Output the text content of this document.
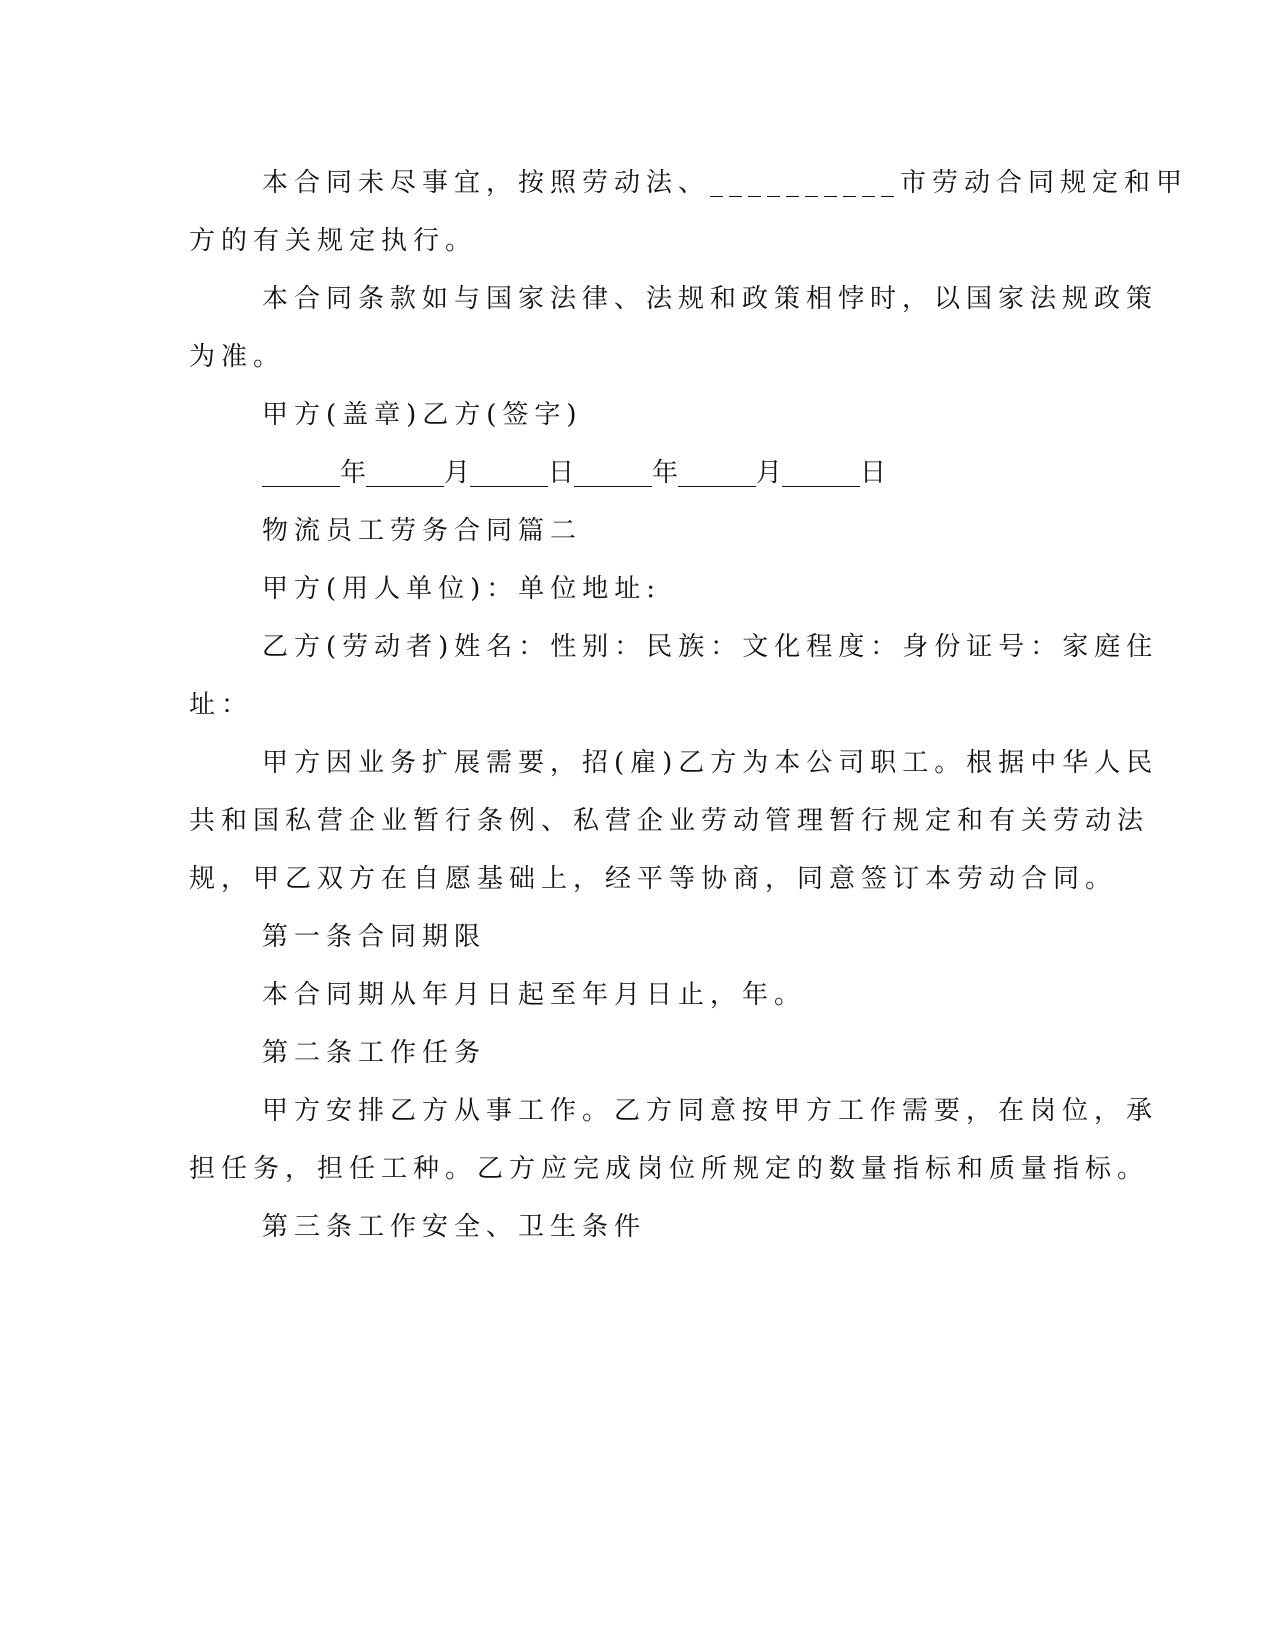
本合同未尽事宜，按照劳动法、__________市劳动合同规定和甲
方的有关规定执行。
本合同条款如与国家法律、法规和政策相悖时，以国家法规政策
为准。
甲方(盖章)乙方(签字)
______年______月______日______年______月______日
物流员工劳务合同篇二
甲方(用人单位)：单位地址:
乙方(劳动者)姓名：性别：民族：文化程度：身份证号：家庭住
址：
甲方因业务扩展需要，招(雇)乙方为本公司职工。根据中华人民
共和国私营企业暂行条例、私营企业劳动管理暂行规定和有关劳动法
规，甲乙双方在自愿基础上，经平等协商，同意签订本劳动合同。
第一条合同期限
本合同期从年月日起至年月日止，年。
第二条工作任务
甲方安排乙方从事工作。乙方同意按甲方工作需要，在岗位，承
担任务，担任工种。乙方应完成岗位所规定的数量指标和质量指标。
第三条工作安全、卫生条件
